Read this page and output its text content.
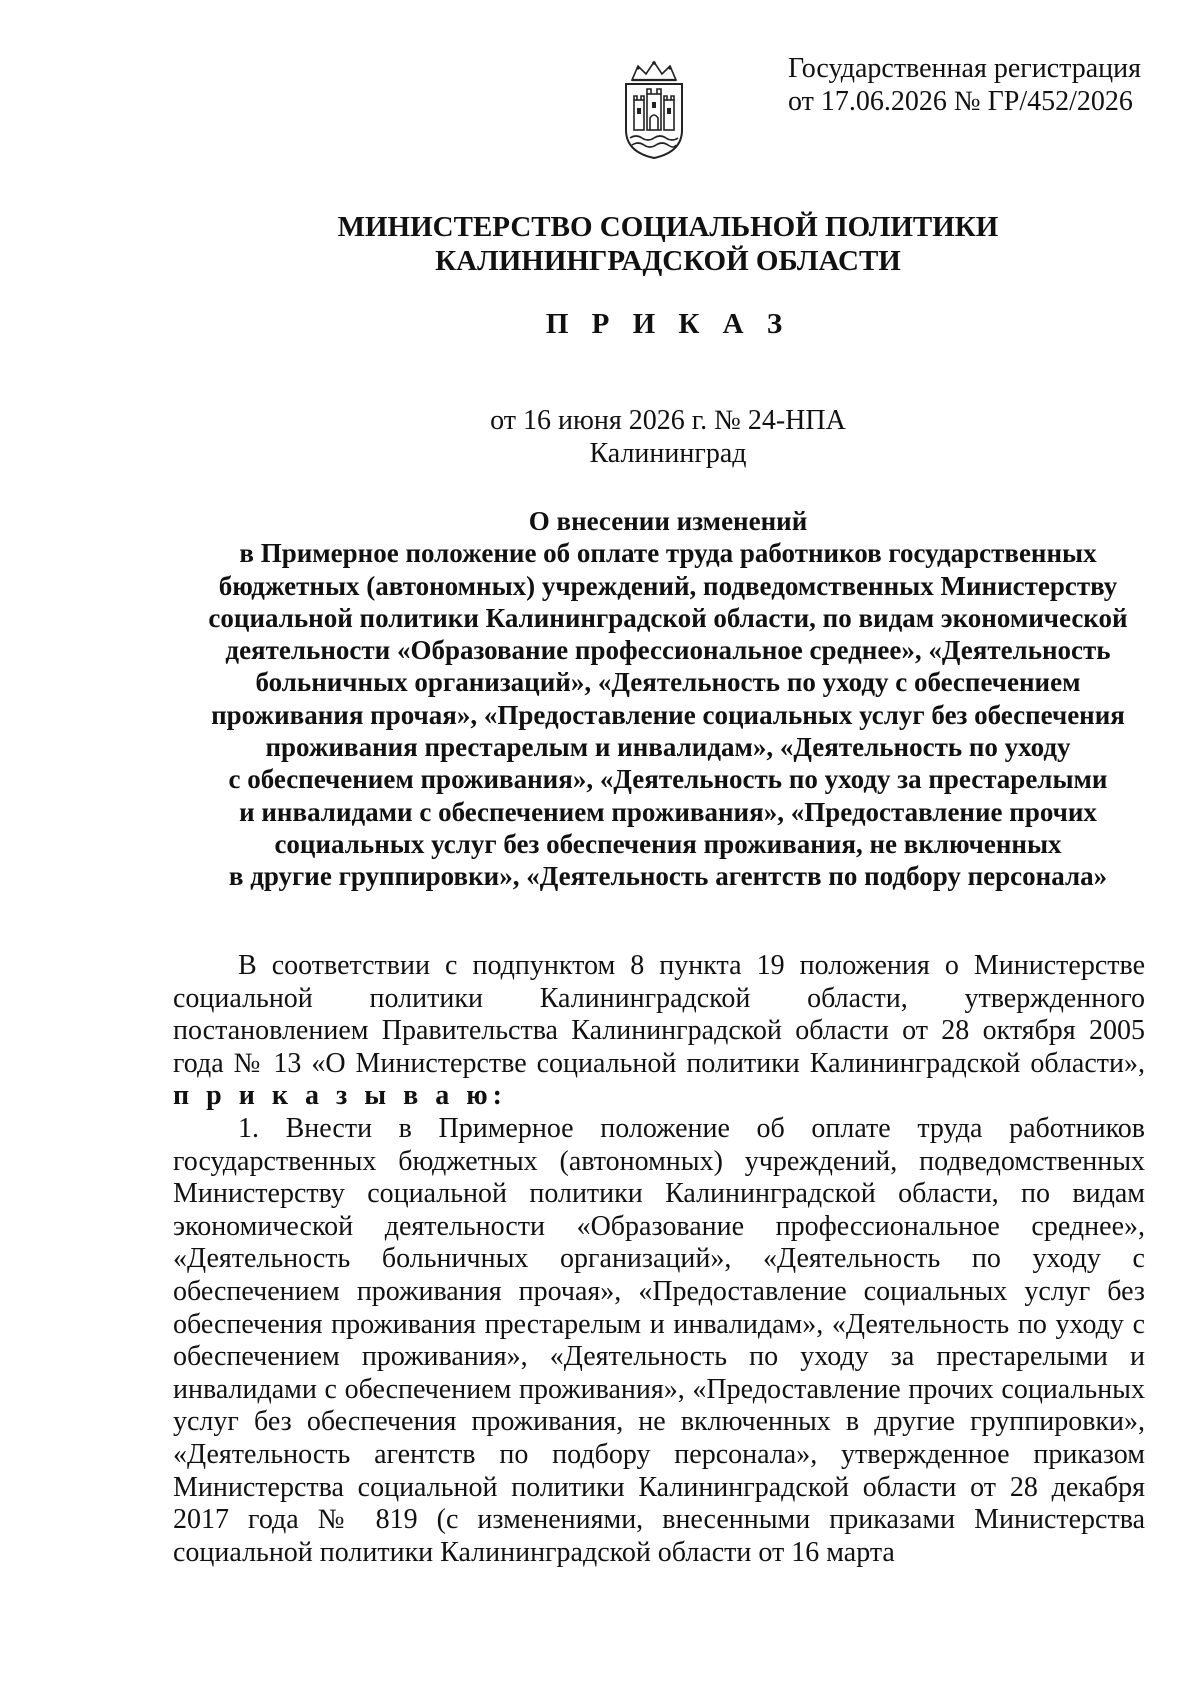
Государственная регистрация
от 17.06.2026 № ГР/452/2026
МИНИСТЕРСТВО СОЦИАЛЬНОЙ ПОЛИТИКИ
КАЛИНИНГРАДСКОЙ ОБЛАСТИ
П Р И К А З
от 16 июня 2026 г. № 24-НПА
Калининград
О внесении изменений
в Примерное положение об оплате труда работников государственных
бюджетных (автономных) учреждений, подведомственных Министерству
социальной политики Калининградской области, по видам экономической
деятельности «Образование профессиональное среднее», «Деятельность
больничных организаций», «Деятельность по уходу с обеспечением
проживания прочая», «Предоставление социальных услуг без обеспечения
проживания престарелым и инвалидам», «Деятельность по уходу
с обеспечением проживания», «Деятельность по уходу за престарелыми
и инвалидами с обеспечением проживания», «Предоставление прочих
социальных услуг без обеспечения проживания, не включенных
в другие группировки», «Деятельность агентств по подбору персонала»

В соответствии с подпунктом 8 пункта 19 положения о Министерстве социальной политики Калининградской области, утвержденного постановлением Правительства Калининградской области от 28 октября 2005 года № 13 «О Министерстве социальной политики Калининградской области», п р и к а з ы в а ю:

1. Внести в Примерное положение об оплате труда работников государственных бюджетных (автономных) учреждений, подведомственных Министерству социальной политики Калининградской области, по видам экономической деятельности «Образование профессиональное среднее», «Деятельность больничных организаций», «Деятельность по уходу с обеспечением проживания прочая», «Предоставление социальных услуг без обеспечения проживания престарелым и инвалидам», «Деятельность по уходу с обеспечением проживания», «Деятельность по уходу за престарелыми и инвалидами с обеспечением проживания», «Предоставление прочих социальных услуг без обеспечения проживания, не включенных в другие группировки», «Деятельность агентств по подбору персонала», утвержденное приказом Министерства социальной политики Калининградской области от 28 декабря 2017 года № 819 (с изменениями, внесенными приказами Министерства социальной политики Калининградской области от 16 марта
